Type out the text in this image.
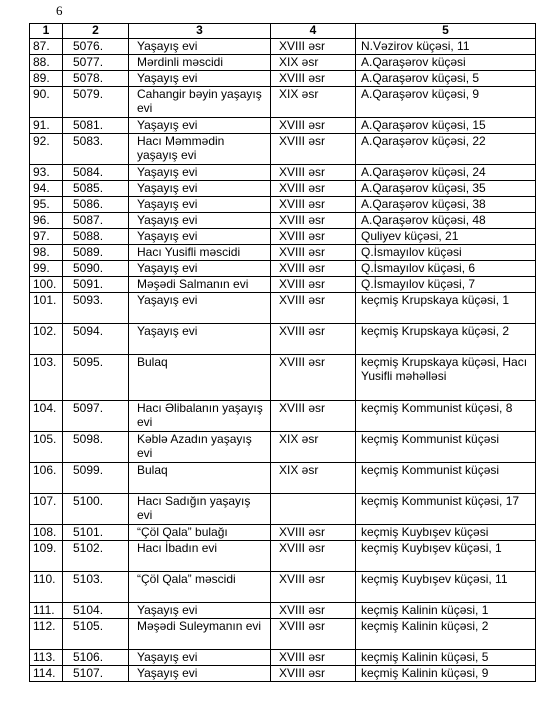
6
1	2	3	4	5
87.	5076.	Yaşayış evi	XVIII əsr	N.Vəzirov küçəsi, 11
88.	5077.	Mərdinli məscidi	XIX əsr	A.Qaraşərov küçəsi
89.	5078.	Yaşayış evi	XVIII əsr	A.Qaraşərov küçəsi, 5
90.	5079.	Cahangir bəyin yaşayış evi	XIX əsr	A.Qaraşərov küçəsi, 9
91.	5081.	Yaşayış evi	XVIII əsr	A.Qaraşərov küçəsi, 15
92.	5083.	Hacı Məmmədin yaşayış evi	XVIII əsr	A.Qaraşərov küçəsi, 22
93.	5084.	Yaşayış evi	XVIII əsr	A.Qaraşərov küçəsi, 24
94.	5085.	Yaşayış evi	XVIII əsr	A.Qaraşərov küçəsi, 35
95.	5086.	Yaşayış evi	XVIII əsr	A.Qaraşərov küçəsi, 38
96.	5087.	Yaşayış evi	XVIII əsr	A.Qaraşərov küçəsi, 48
97.	5088.	Yaşayış evi	XVIII əsr	Quliyev küçəsi, 21
98.	5089.	Hacı Yusifli məscidi	XVIII əsr	Q.İsmayılov küçəsi
99.	5090.	Yaşayış evi	XVIII əsr	Q.İsmayılov küçəsi, 6
100.	5091.	Məşədi Salmanın evi	XVIII əsr	Q.İsmayılov küçəsi, 7
101.	5093.	Yaşayış evi	XVIII əsr	keçmiş Krupskaya küçəsi, 1
102.	5094.	Yaşayış evi	XVIII əsr	keçmiş Krupskaya küçəsi, 2
103.	5095.	Bulaq	XVIII əsr	keçmiş Krupskaya küçəsi, Hacı Yusifli məhəlləsi
104.	5097.	Hacı Əlibalanın yaşayış evi	XVIII əsr	keçmiş Kommunist küçəsi, 8
105.	5098.	Kəblə Azadın yaşayış evi	XIX əsr	keçmiş Kommunist küçəsi
106.	5099.	Bulaq	XIX əsr	keçmiş Kommunist küçəsi
107.	5100.	Hacı Sadığın yaşayış evi		keçmiş Kommunist küçəsi, 17
108.	5101.	“Çöl Qala” bulağı	XVIII əsr	keçmiş Kuybışev küçəsi
109.	5102.	Hacı İbadın evi	XVIII əsr	keçmiş Kuybışev küçəsi, 1
110.	5103.	“Çöl Qala” məscidi	XVIII əsr	keçmiş Kuybışev küçəsi, 11
111.	5104.	Yaşayış evi	XVIII əsr	keçmiş Kalinin küçəsi, 1
112.	5105.	Məşədi Suleymanın evi	XVIII əsr	keçmiş Kalinin küçəsi, 2
113.	5106.	Yaşayış evi	XVIII əsr	keçmiş Kalinin küçəsi, 5
114.	5107.	Yaşayış evi	XVIII əsr	keçmiş Kalinin küçəsi, 9
